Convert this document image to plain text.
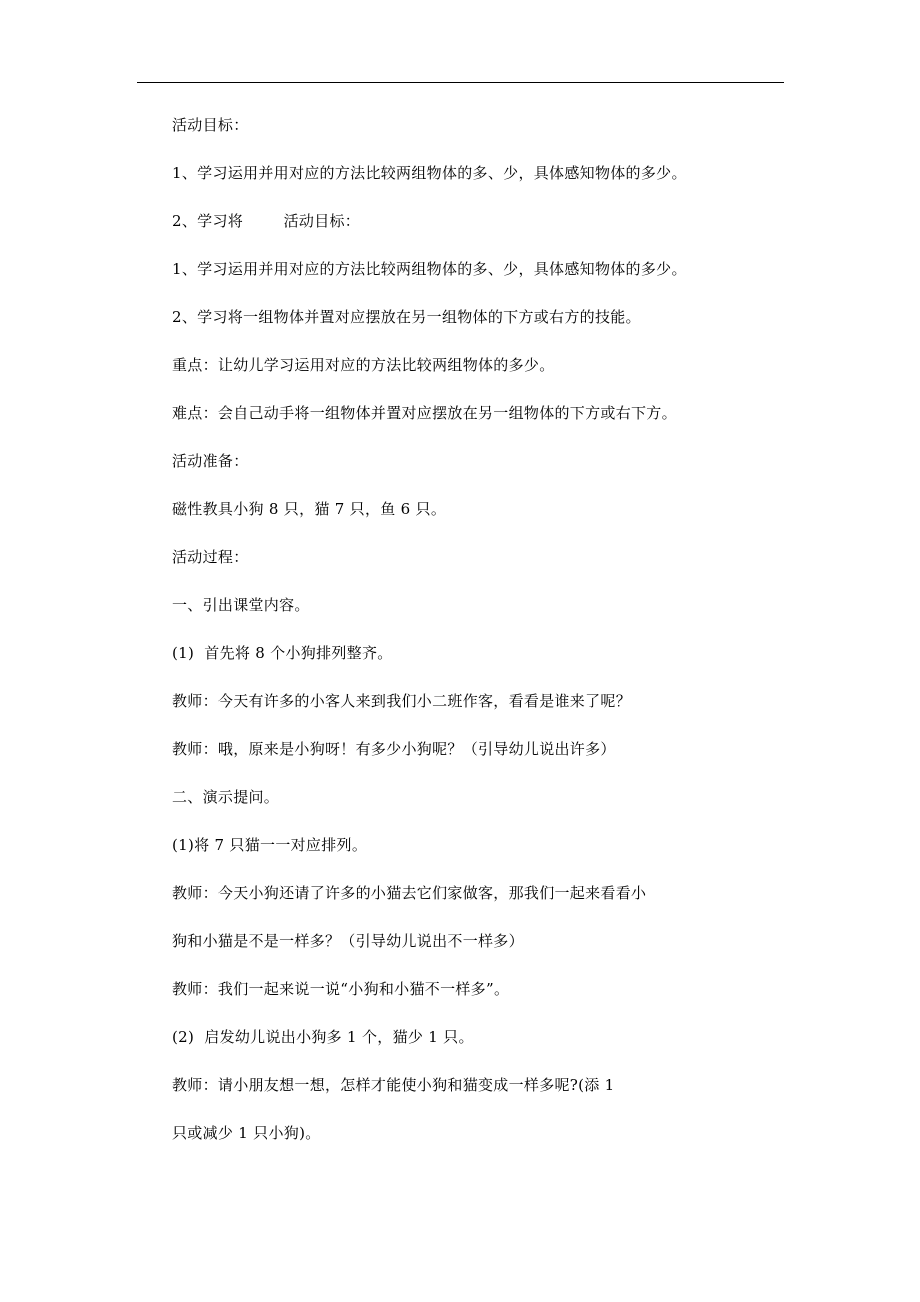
活动目标：
1、学习运用并用对应的方法比较两组物体的多、少，具体感知物体的多少。
2、学习将        活动目标：
1、学习运用并用对应的方法比较两组物体的多、少，具体感知物体的多少。
2、学习将一组物体并置对应摆放在另一组物体的下方或右方的技能。
重点：让幼儿学习运用对应的方法比较两组物体的多少。
难点：会自己动手将一组物体并置对应摆放在另一组物体的下方或右下方。
活动准备：
磁性教具小狗 8 只，猫 7 只，鱼 6 只。
活动过程：
一、引出课堂内容。
(1)  首先将 8 个小狗排列整齐。
教师：今天有许多的小客人来到我们小二班作客，看看是谁来了呢？
教师：哦，原来是小狗呀！有多少小狗呢？（引导幼儿说出许多）
二、演示提问。
(1)将 7 只猫一一对应排列。
教师：今天小狗还请了许多的小猫去它们家做客，那我们一起来看看小
狗和小猫是不是一样多？（引导幼儿说出不一样多）
教师：我们一起来说一说“小狗和小猫不一样多”。
(2)  启发幼儿说出小狗多 1 个，猫少 1 只。
教师：请小朋友想一想，怎样才能使小狗和猫变成一样多呢?(添 1
只或减少 1 只小狗)。
